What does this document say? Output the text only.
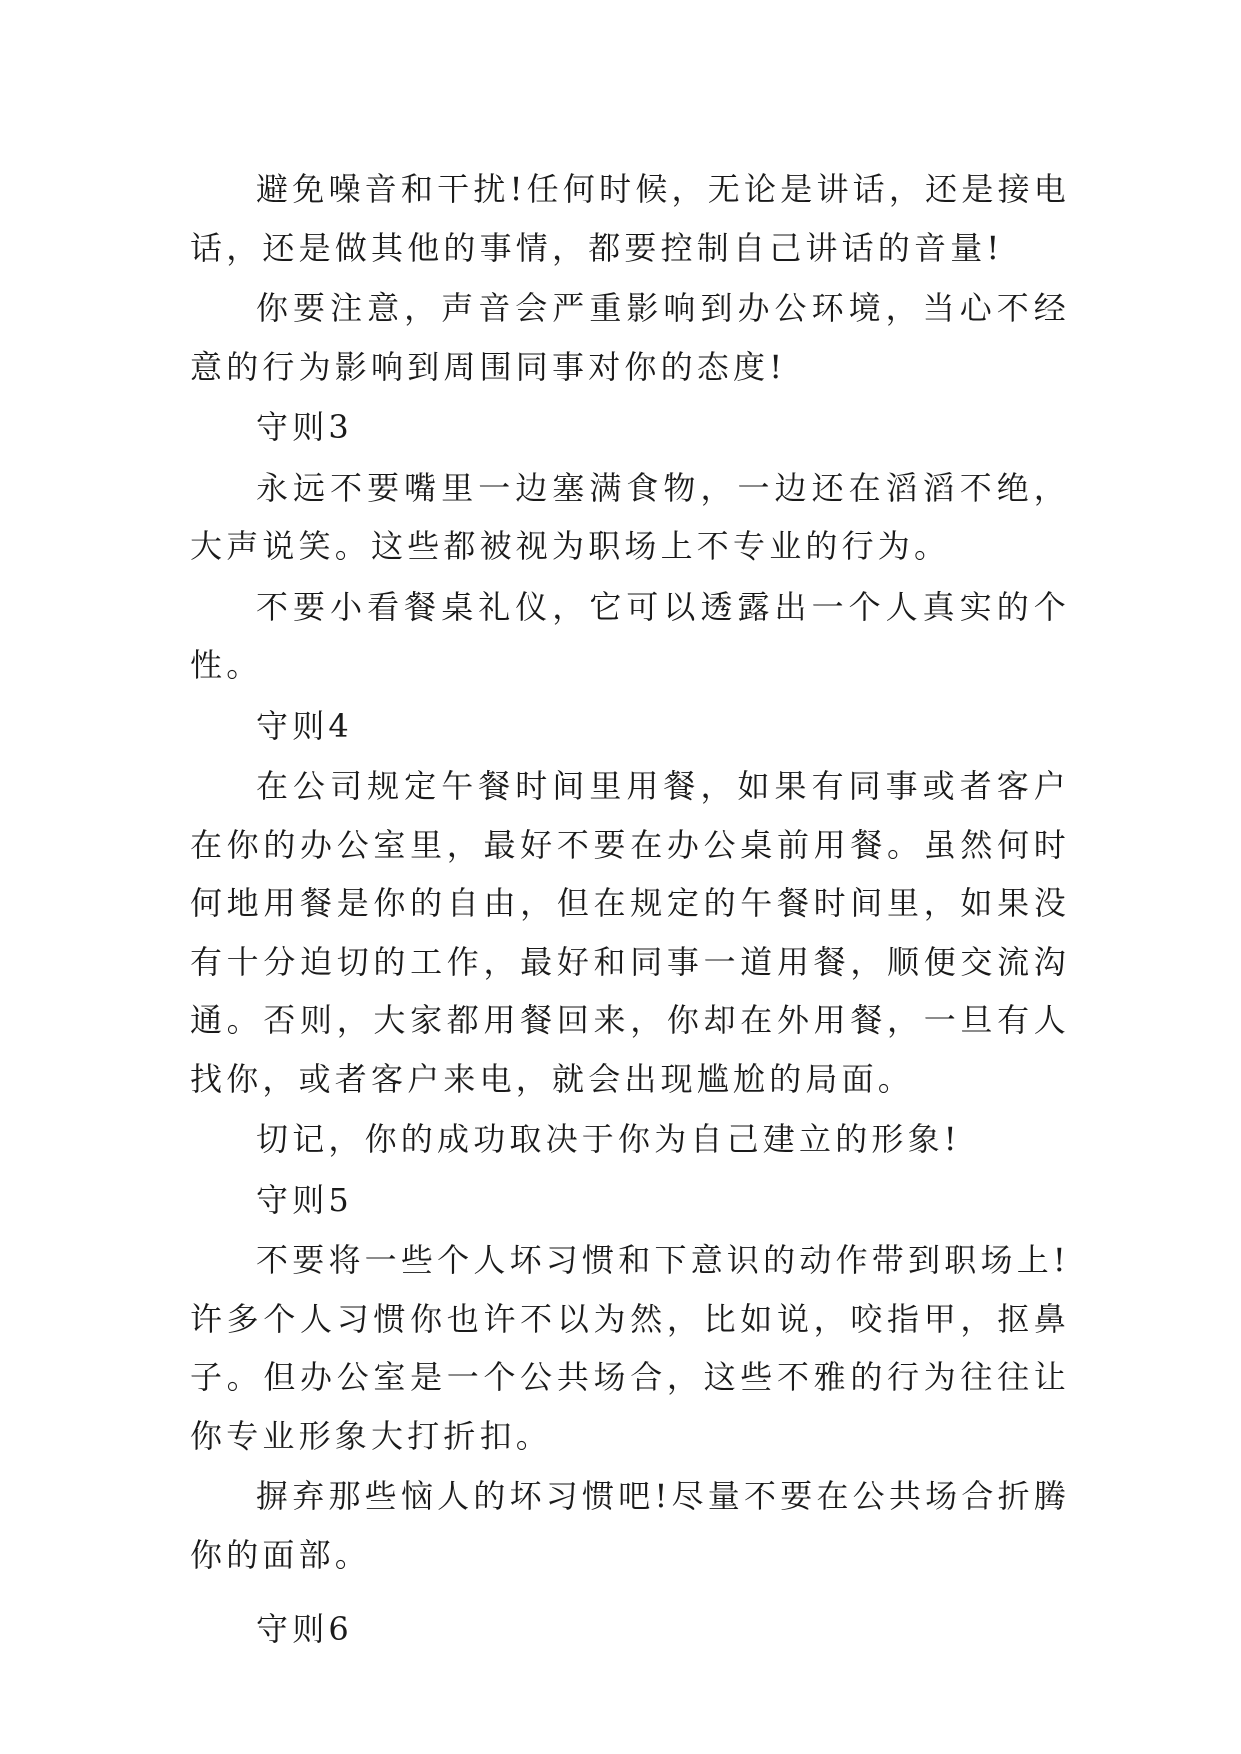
避免噪音和干扰!任何时候，无论是讲话，还是接电话，还是做其他的事情，都要控制自己讲话的音量!

你要注意，声音会严重影响到办公环境，当心不经意的行为影响到周围同事对你的态度!

守则3

永远不要嘴里一边塞满食物，一边还在滔滔不绝，大声说笑。这些都被视为职场上不专业的行为。

不要小看餐桌礼仪，它可以透露出一个人真实的个性。

守则4

在公司规定午餐时间里用餐，如果有同事或者客户在你的办公室里，最好不要在办公桌前用餐。虽然何时何地用餐是你的自由，但在规定的午餐时间里，如果没有十分迫切的工作，最好和同事一道用餐，顺便交流沟通。否则，大家都用餐回来，你却在外用餐，一旦有人找你，或者客户来电，就会出现尴尬的局面。

切记，你的成功取决于你为自己建立的形象!

守则5

不要将一些个人坏习惯和下意识的动作带到职场上!许多个人习惯你也许不以为然，比如说，咬指甲，抠鼻子。但办公室是一个公共场合，这些不雅的行为往往让你专业形象大打折扣。

摒弃那些恼人的坏习惯吧!尽量不要在公共场合折腾你的面部。

守则6
